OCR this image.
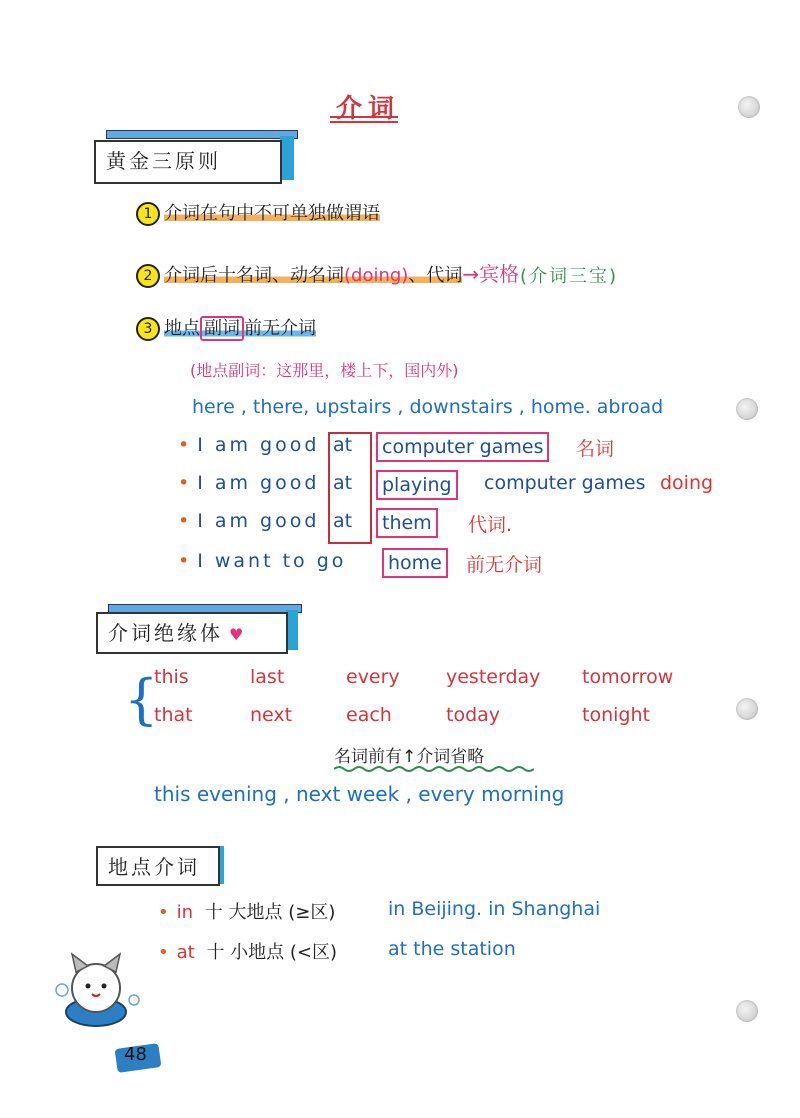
介词
黄金三原则
1 介词在句中不可单独做谓语
2 介词后十名词、动名词(doing)、代词→宾格 (介词三宝)
3 地点 副词 前无介词
(地点副词：这那里，楼上下，国内外)
here , there, upstairs , downstairs , home. abroad
• I am good at	computer games	名词
• I am good at	playing	computer games doing
• I am good at	them	代词.
• I want to go	home	前无介词
介词绝缘体 ♥
{
this	last	every yesterday tomorrow
that	next	each	today	tonight
名词前有↑介词省略
this evening , next week , every morning
地点介词
• in 十 大地点 (≥区)	in Beijing. in Shanghai
• at 十 小地点 (<区)	at the station
48
